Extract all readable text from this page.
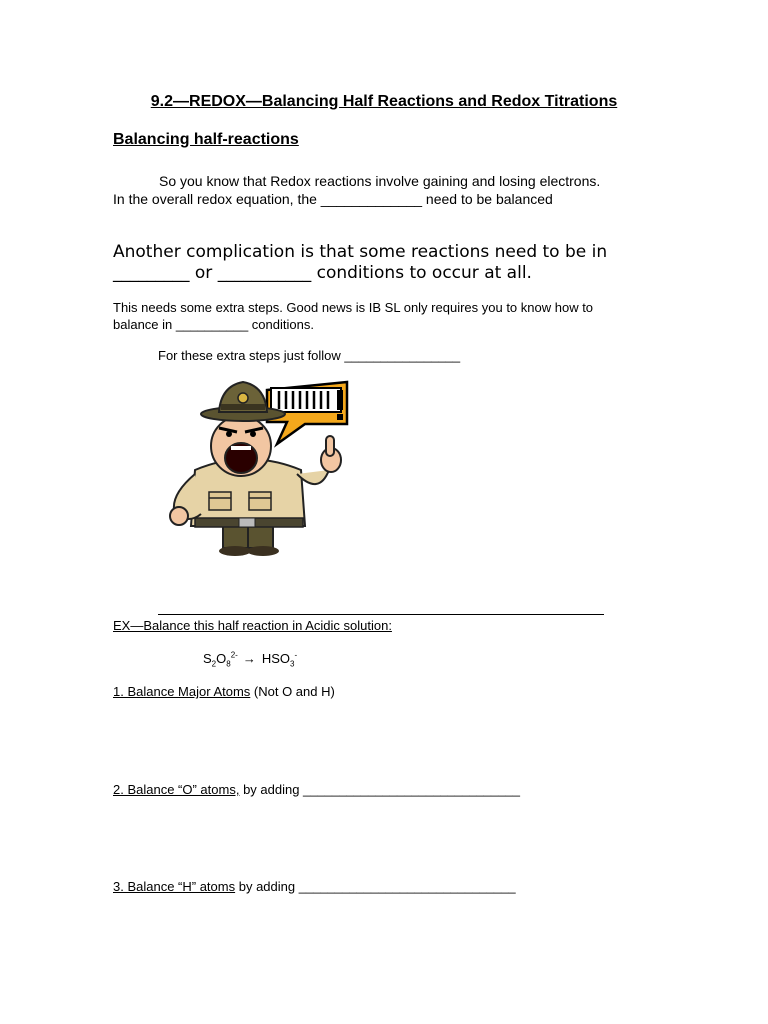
9.2—REDOX—Balancing Half Reactions and Redox Titrations
Balancing half-reactions

So you know that Redox reactions involve gaining and losing electrons. In the overall redox equation, the _____________ need to be balanced

Another complication is that some reactions need to be in _________ or ___________ conditions to occur at all.

This needs some extra steps. Good news is IB SL only requires you to know how to balance in __________ conditions.

For these extra steps just follow ________________

EX—Balance this half reaction in Acidic solution:
$S_2O_8^{2-} \to HSO_3^-$
1. Balance Major Atoms (Not O and H)
2. Balance “O” atoms, by adding ______________________________
3. Balance “H” atoms by adding ______________________________
